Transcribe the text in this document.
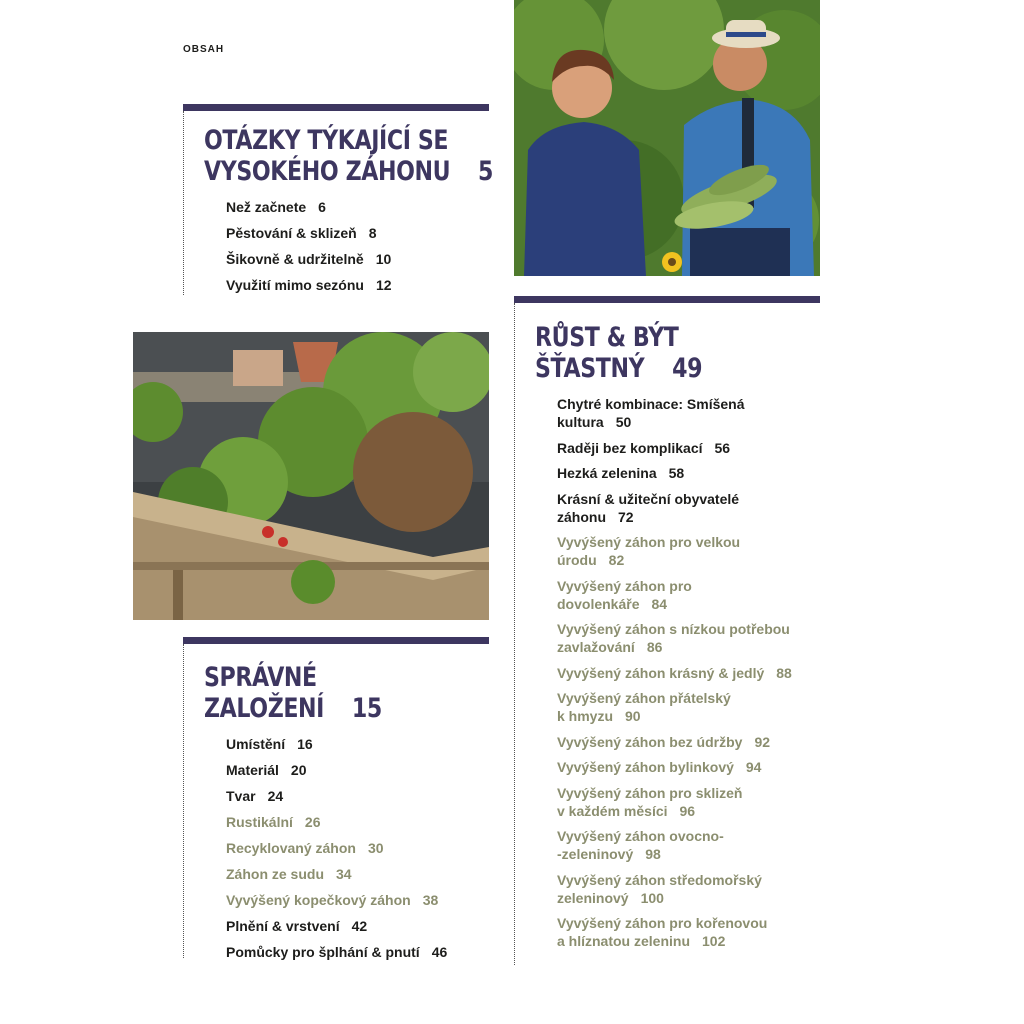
OBSAH
OTÁZKY TÝKAJÍCÍ SE
VYSOKÉHO ZÁHONU 5
Než začnete 6
Pěstování & sklizeň 8
Šikovně & udržitelně 10
Využití mimo sezónu 12
SPRÁVNÉ
ZALOŽENÍ 15
Umístění 16
Materiál 20
Tvar 24
Rustikální 26
Recyklovaný záhon 30
Záhon ze sudu 34
Vyvýšený kopečkový záhon 38
Plnění & vrstvení 42
Pomůcky pro šplhání & pnutí 46
RŮST & BÝT
ŠŤASTNÝ 49
Chytré kombinace: Smíšená
kultura 50
Raději bez komplikací 56
Hezká zelenina 58
Krásní & užiteční obyvatelé
záhonu 72
Vyvýšený záhon pro velkou
úrodu 82
Vyvýšený záhon pro
dovolenkáře 84
Vyvýšený záhon s nízkou potřebou
zavlažování 86
Vyvýšený záhon krásný & jedlý 88
Vyvýšený záhon přátelský
k hmyzu 90
Vyvýšený záhon bez údržby 92
Vyvýšený záhon bylinkový 94
Vyvýšený záhon pro sklizeň
v každém měsíci 96
Vyvýšený záhon ovocno-
-zeleninový 98
Vyvýšený záhon středomořský
zeleninový 100
Vyvýšený záhon pro kořenovou
a hlíznatou zeleninu 102
